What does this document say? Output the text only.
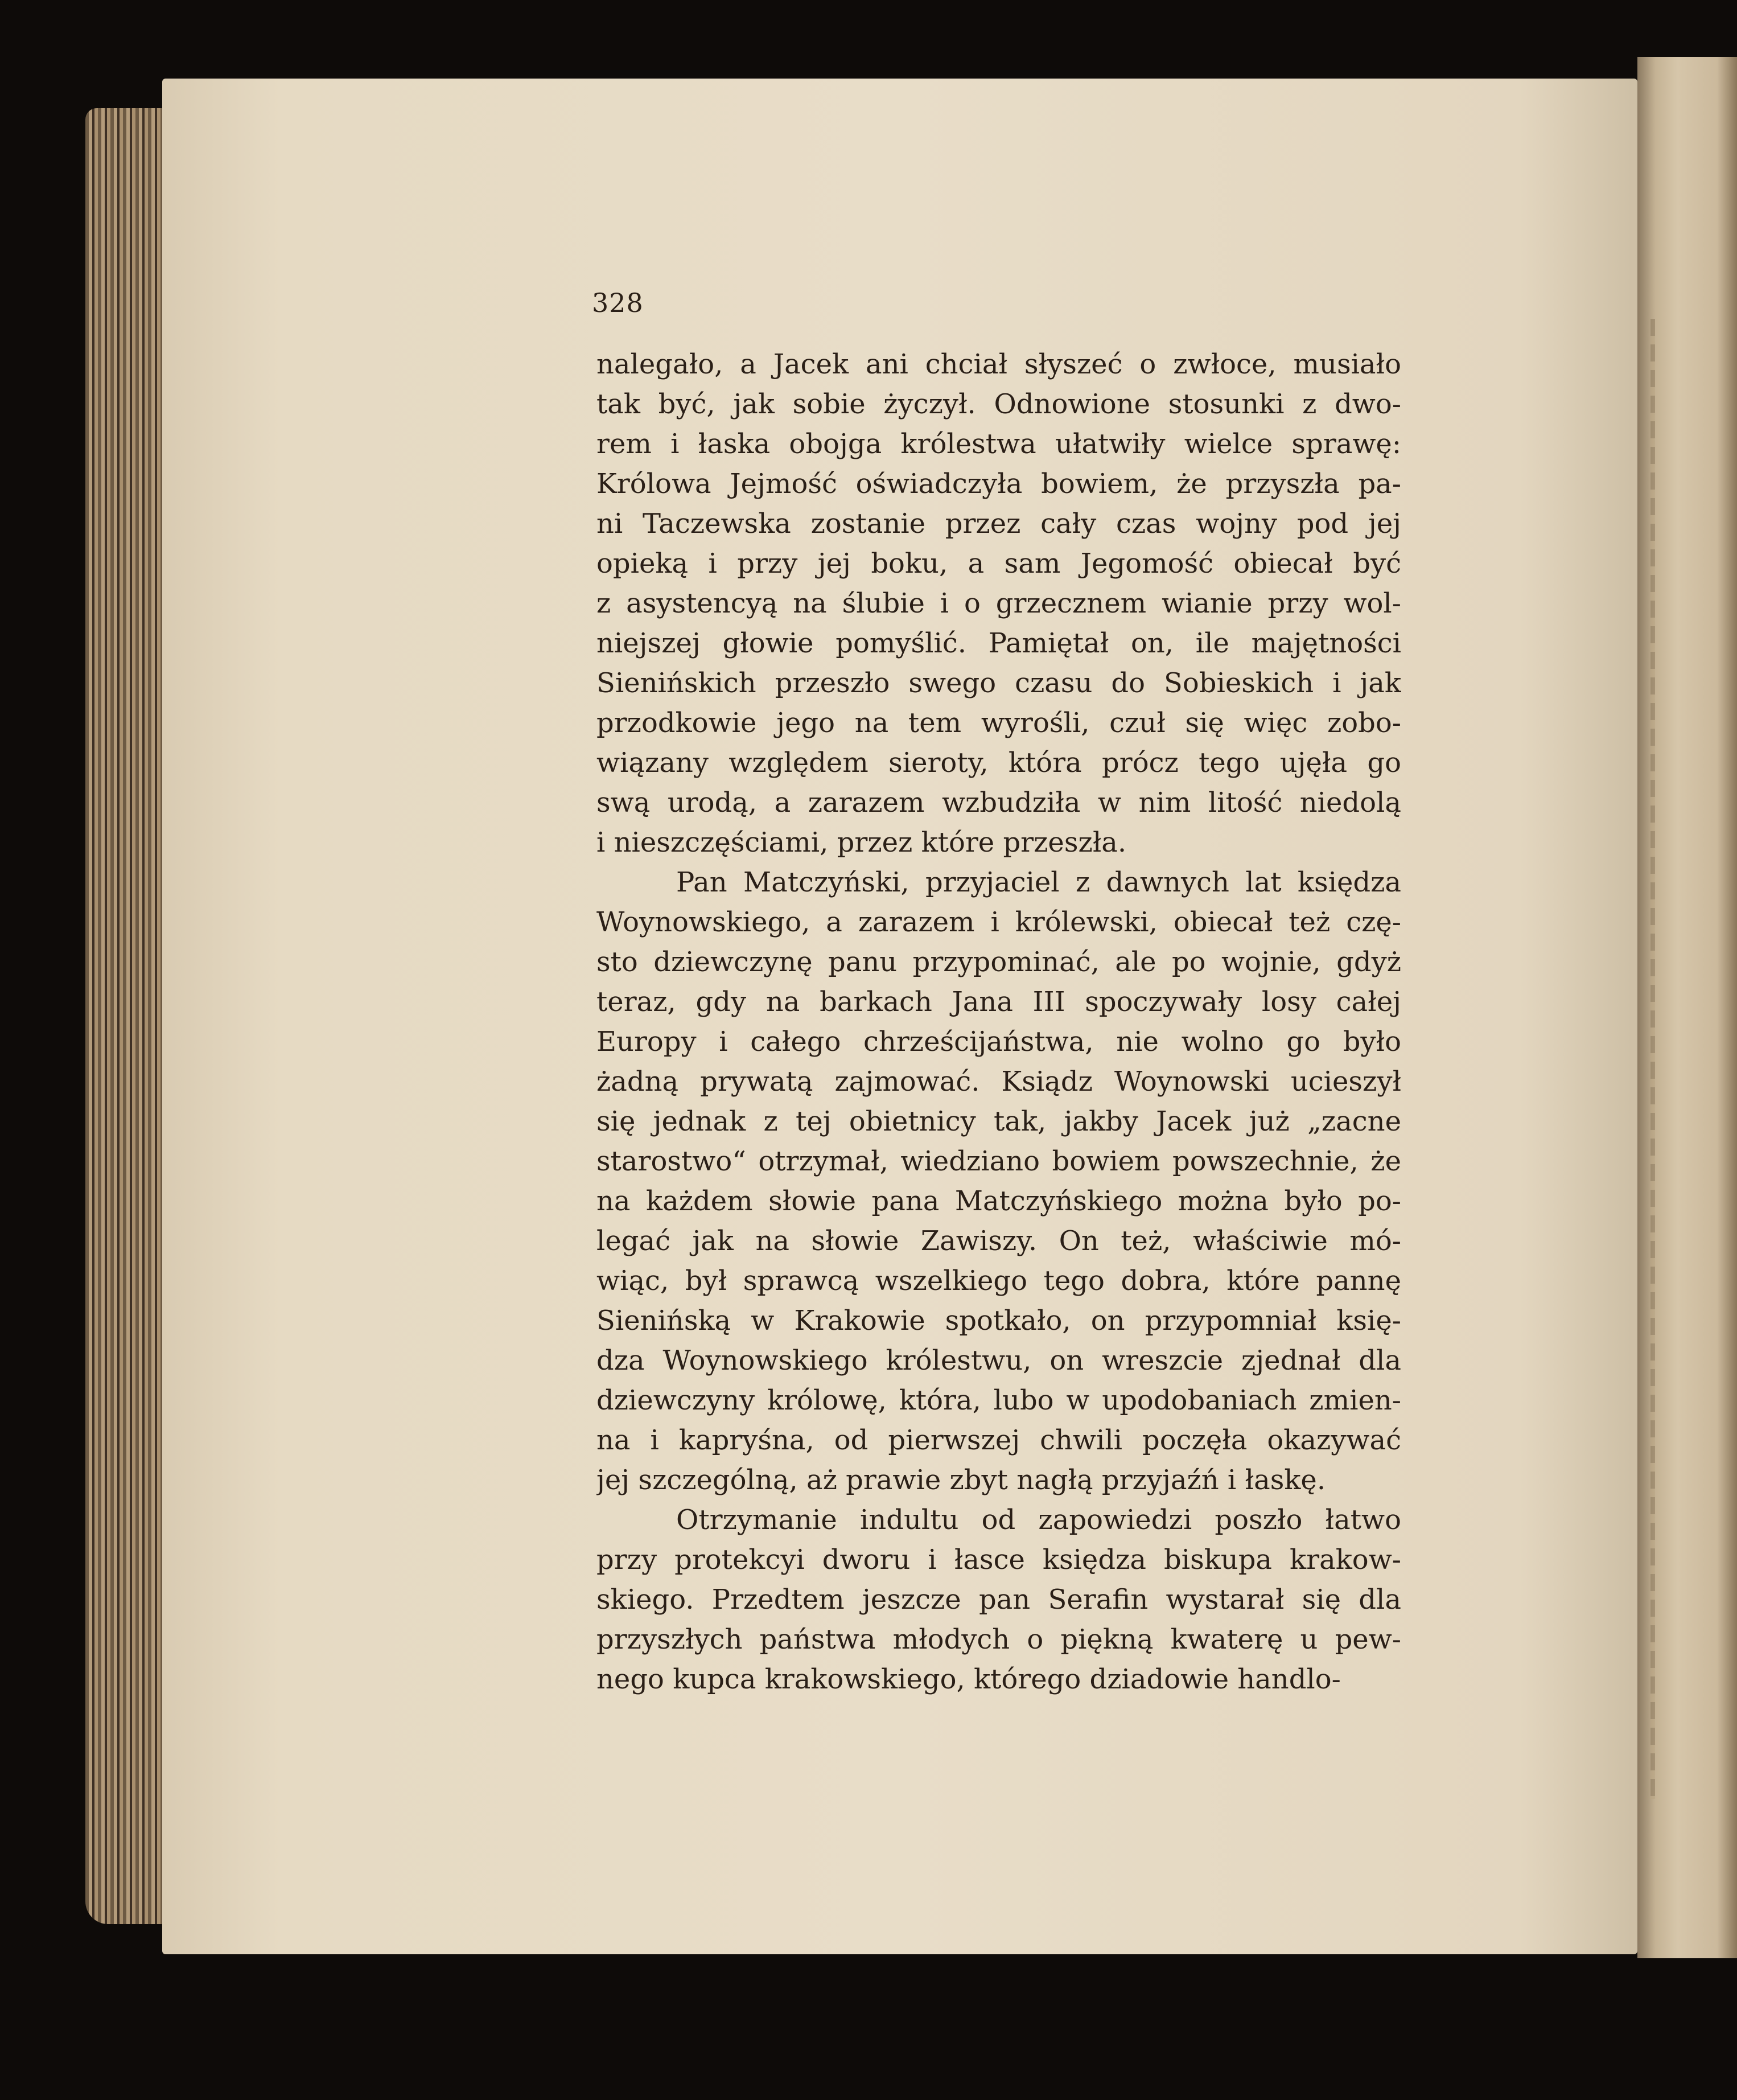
328
nalegało, a Jacek ani chciał słyszeć o zwłoce, musiało
tak być, jak sobie życzył. Odnowione stosunki z dwo-
rem i łaska obojga królestwa ułatwiły wielce sprawę:
Królowa Jejmość oświadczyła bowiem, że przyszła pa-
ni Taczewska zostanie przez cały czas wojny pod jej
opieką i przy jej boku, a sam Jegomość obiecał być
z asystencyą na ślubie i o grzecznem wianie przy wol-
niejszej głowie pomyślić. Pamiętał on, ile majętności
Sienińskich przeszło swego czasu do Sobieskich i jak
przodkowie jego na tem wyrośli, czuł się więc zobo-
wiązany względem sieroty, która prócz tego ujęła go
swą urodą, a zarazem wzbudziła w nim litość niedolą
i nieszczęściami, przez które przeszła.
Pan Matczyński, przyjaciel z dawnych lat księdza
Woynowskiego, a zarazem i królewski, obiecał też czę-
sto dziewczynę panu przypominać, ale po wojnie, gdyż
teraz, gdy na barkach Jana III spoczywały losy całej
Europy i całego chrześcijaństwa, nie wolno go było
żadną prywatą zajmować. Ksiądz Woynowski ucieszył
się jednak z tej obietnicy tak, jakby Jacek już „zacne
starostwo“ otrzymał, wiedziano bowiem powszechnie, że
na każdem słowie pana Matczyńskiego można było po-
legać jak na słowie Zawiszy. On też, właściwie mó-
wiąc, był sprawcą wszelkiego tego dobra, które pannę
Sienińską w Krakowie spotkało, on przypomniał księ-
dza Woynowskiego królestwu, on wreszcie zjednał dla
dziewczyny królowę, która, lubo w upodobaniach zmien-
na i kapryśna, od pierwszej chwili poczęła okazywać
jej szczególną, aż prawie zbyt nagłą przyjaźń i łaskę.
Otrzymanie indultu od zapowiedzi poszło łatwo
przy protekcyi dworu i łasce księdza biskupa krakow-
skiego. Przedtem jeszcze pan Serafin wystarał się dla
przyszłych państwa młodych o piękną kwaterę u pew-
nego kupca krakowskiego, którego dziadowie handlo-
